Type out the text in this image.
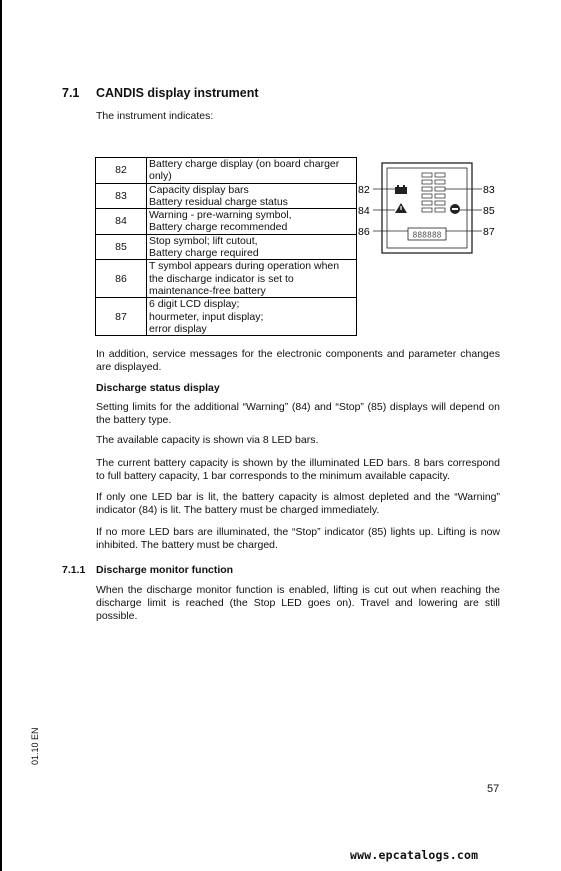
7.1 CANDIS display instrument
The instrument indicates:
82	Battery charge display (on board charger
only)

83	Capacity display bars
Battery residual charge status

84	Warning - pre-warning symbol,
Battery charge recommended

85	Stop symbol; lift cutout,
Battery charge required

86	T symbol appears during operation when
the discharge indicator is set to
maintenance-free battery

87	6 digit LCD display;
hourmeter, input display;
error display
888888
82
84
86
83
85
87
In addition, service messages for the electronic components and parameter changes are displayed.
Discharge status display
Setting limits for the additional “Warning” (84) and “Stop” (85) displays will depend on the battery type.
The available capacity is shown via 8 LED bars.
The current battery capacity is shown by the illuminated LED bars. 8 bars correspond to full battery capacity, 1 bar corresponds to the minimum available capacity.
If only one LED bar is lit, the battery capacity is almost depleted and the “Warning” indicator (84) is lit. The battery must be charged immediately.
If no more LED bars are illuminated, the “Stop” indicator (85) lights up. Lifting is now inhibited. The battery must be charged.
7.1.1 Discharge monitor function
When the discharge monitor function is enabled, lifting is cut out when reaching the discharge limit is reached (the Stop LED goes on). Travel and lowering are still possible.
01.10 EN
57
www.epcatalogs.com
